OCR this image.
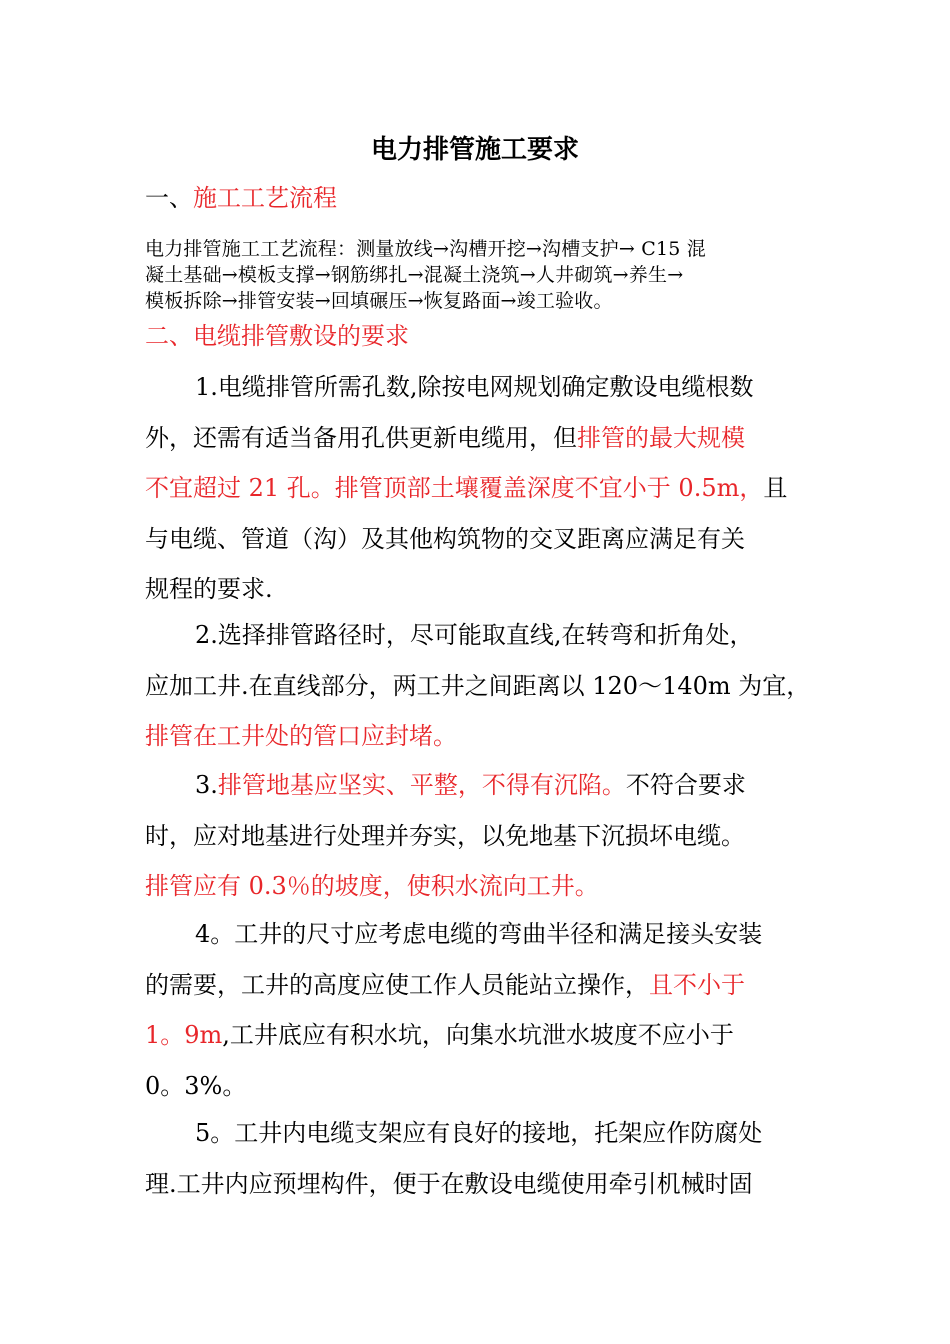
电力排管施工要求
一、施工工艺流程
电力排管施工工艺流程：测量放线→沟槽开挖→沟槽支护→ C15 混
凝土基础→模板支撑→钢筋绑扎→混凝土浇筑→人井砌筑→养生→
模板拆除→排管安装→回填碾压→恢复路面→竣工验收。
二、电缆排管敷设的要求
1.电缆排管所需孔数,除按电网规划确定敷设电缆根数
外，还需有适当备用孔供更新电缆用，但排管的最大规模
不宜超过 21 孔。排管顶部土壤覆盖深度不宜小于 0.5m，且
与电缆、管道（沟）及其他构筑物的交叉距离应满足有关
规程的要求.
2.选择排管路径时，尽可能取直线,在转弯和折角处，
应加工井.在直线部分，两工井之间距离以 120～140m 为宜，
排管在工井处的管口应封堵。
3.排管地基应坚实、平整，不得有沉陷。不符合要求
时，应对地基进行处理并夯实，以免地基下沉损坏电缆。
排管应有 0.3％的坡度，使积水流向工井。
4。工井的尺寸应考虑电缆的弯曲半径和满足接头安装
的需要，工井的高度应使工作人员能站立操作，且不小于
1。9m,工井底应有积水坑，向集水坑泄水坡度不应小于
0。3%。
5。工井内电缆支架应有良好的接地，托架应作防腐处
理.工井内应预埋构件，便于在敷设电缆使用牵引机械时固
